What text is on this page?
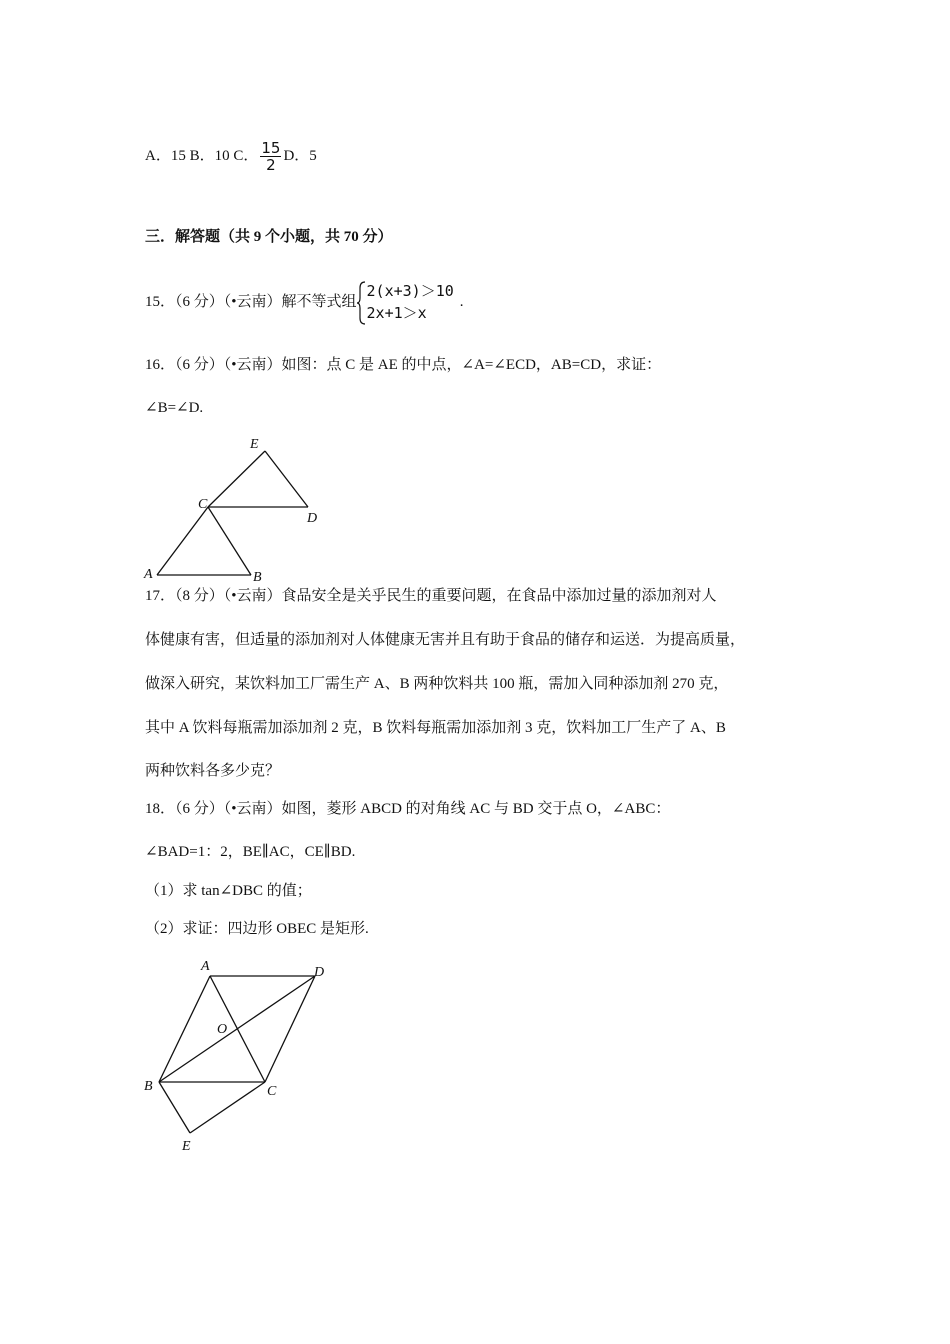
A．15 B．10 C． $\frac{15}{2}$ D．5
三．解答题（共 9 个小题，共 70 分）
15．（6 分）（•云南）解不等式组
2(x+3)＞10
2x+1＞x
.
16．（6 分）（•云南）如图：点 C 是 AE 的中点，∠A=∠ECD，AB=CD，求证：
∠B=∠D.
A	B
C
D
E
17．（8 分）（•云南）食品安全是关乎民生的重要问题，在食品中添加过量的添加剂对人
体健康有害，但适量的添加剂对人体健康无害并且有助于食品的储存和运送．为提高质量，
做深入研究，某饮料加工厂需生产 A、B 两种饮料共 100 瓶，需加入同种添加剂 270 克，
其中 A 饮料每瓶需加添加剂 2 克，B 饮料每瓶需加添加剂 3 克，饮料加工厂生产了 A、B
两种饮料各多少克？
18．（6 分）（•云南）如图，菱形 ABCD 的对角线 AC 与 BD 交于点 O，∠ABC：
∠BAD=1：2，BE∥AC，CE∥BD.
（1）求 tan∠DBC 的值；
（2）求证：四边形 OBEC 是矩形.
A	D
O
B	C
E
